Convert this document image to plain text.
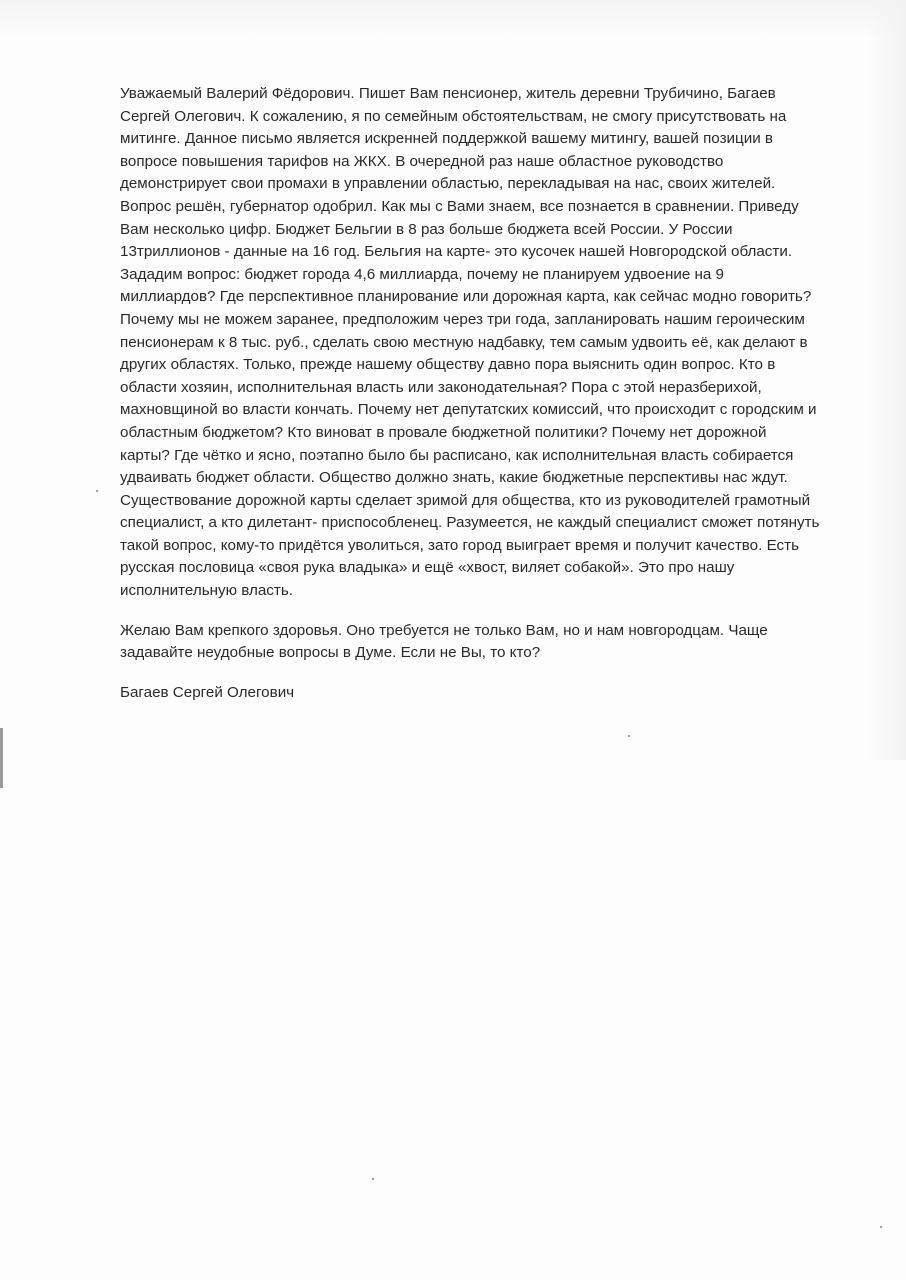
Уважаемый Валерий Фёдорович. Пишет Вам пенсионер, житель деревни Трубичино, Багаев
Сергей Олегович. К сожалению, я по семейным обстоятельствам, не смогу присутствовать на
митинге. Данное письмо является искренней поддержкой вашему митингу, вашей позиции в
вопросе повышения тарифов на ЖКХ. В очередной раз наше областное руководство
демонстрирует свои промахи в управлении областью, перекладывая на нас, своих жителей.
Вопрос решён, губернатор одобрил. Как мы с Вами знаем, все познается в сравнении. Приведу
Вам несколько цифр. Бюджет Бельгии в 8 раз больше бюджета всей России. У России
13триллионов - данные на 16 год. Бельгия на карте- это кусочек нашей Новгородской области.
Зададим вопрос: бюджет города 4,6 миллиарда, почему не планируем удвоение на 9
миллиардов? Где перспективное планирование или дорожная карта, как сейчас модно говорить?
Почему мы не можем заранее, предположим через три года, запланировать нашим героическим
пенсионерам к 8 тыс. руб., сделать свою местную надбавку, тем самым удвоить её, как делают в
других областях. Только, прежде нашему обществу давно пора выяснить один вопрос. Кто в
области хозяин, исполнительная власть или законодательная? Пора с этой неразберихой,
махновщиной во власти кончать. Почему нет депутатских комиссий, что происходит с городским и
областным бюджетом? Кто виноват в провале бюджетной политики? Почему нет дорожной
карты? Где чётко и ясно, поэтапно было бы расписано, как исполнительная власть собирается
удваивать бюджет области. Общество должно знать, какие бюджетные перспективы нас ждут.
Существование дорожной карты сделает зримой для общества, кто из руководителей грамотный
специалист, а кто дилетант- приспособленец. Разумеется, не каждый специалист сможет потянуть
такой вопрос, кому-то придётся уволиться, зато город выиграет время и получит качество. Есть
русская пословица «своя рука владыка» и ещё «хвост, виляет собакой». Это про нашу
исполнительную власть.

Желаю Вам крепкого здоровья. Оно требуется не только Вам, но и нам новгородцам. Чаще
задавайте неудобные вопросы в Думе. Если не Вы, то кто?

Багаев Сергей Олегович
